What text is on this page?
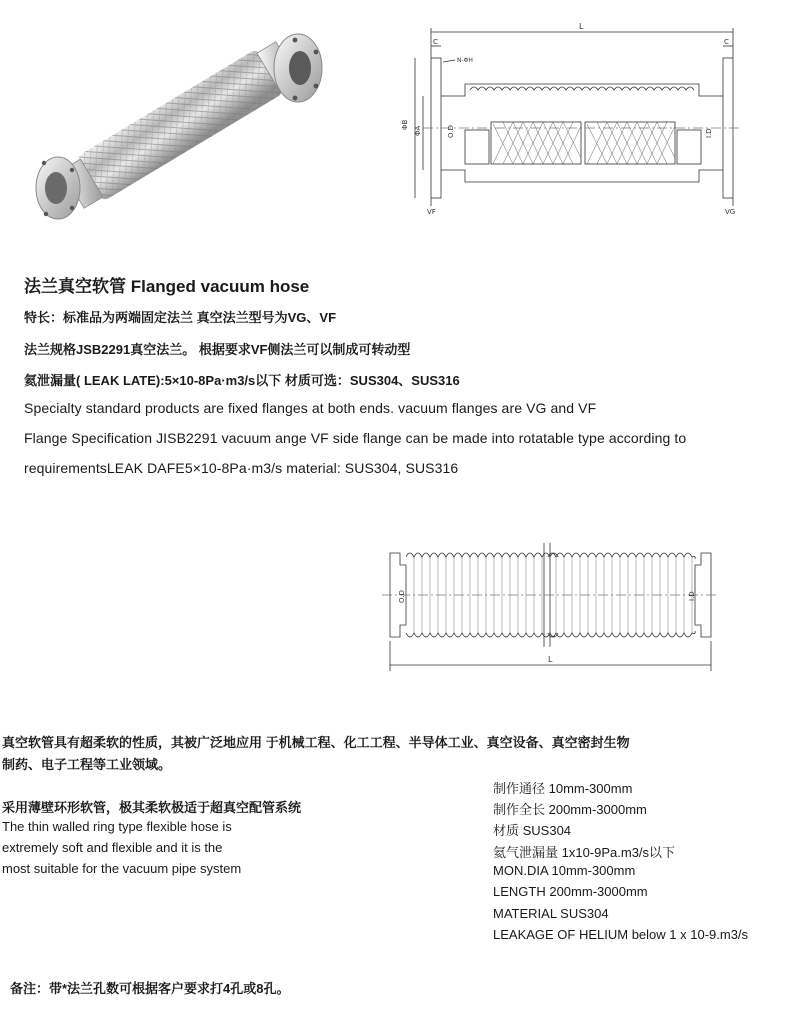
L
C	C
N-ΦH
ΦB
ΦA	O.D	I.D
VF	VG
法兰真空软管 Flanged vacuum hose
特长：标准品为两端固定法兰 真空法兰型号为VG、VF
法兰规格JSB2291真空法兰。 根据要求VF侧法兰可以制成可转动型
氦泄漏量( LEAK LATE):5×10-8Pa·m3/s以下 材质可选：SUS304、SUS316
Specialty standard products are fixed flanges at both ends. vacuum flanges are VG and VF
Flange Specification JISB2291 vacuum ange VF side flange can be made into rotatable type according to
requirementsLEAK DAFE5×10-8Pa·m3/s material: SUS304, SUS316
O.D	I.D
L
真空软管具有超柔软的性质，其被广泛地应用 于机械工程、化工工程、半导体工业、真空设备、真空密封生物
制药、电子工程等工业领域。
采用薄壁环形软管，极其柔软极适于超真空配管系统
The thin walled ring type flexible hose is
extremely soft and flexible and it is the
most suitable for the vacuum pipe system
制作通径 10mm-300mm
制作全长 200mm-3000mm
材质 SUS304
氦气泄漏量 1x10-9Pa.m3/s以下
MON.DIA 10mm-300mm
LENGTH 200mm-3000mm
MATERIAL SUS304
LEAKAGE OF HELIUM below 1 x 10-9.m3/s
备注：带*法兰孔数可根据客户要求打4孔或8孔。
